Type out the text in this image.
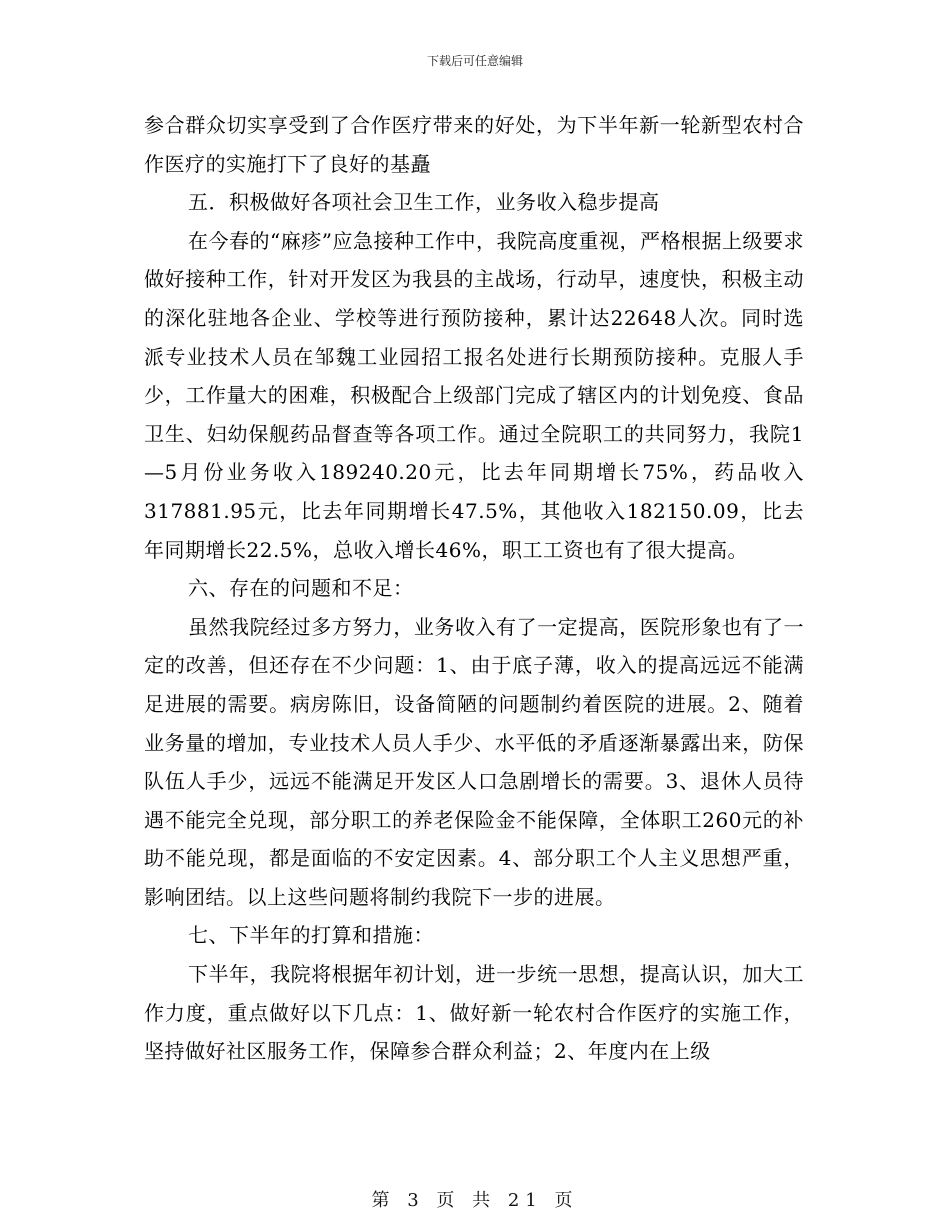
下载后可任意编辑

参合群众切实享受到了合作医疗带来的好处，为下半年新一轮新型农村合作医疗的实施打下了良好的基矗

五．积极做好各项社会卫生工作，业务收入稳步提高

在今春的“麻疹”应急接种工作中，我院高度重视，严格根据上级要求做好接种工作，针对开发区为我县的主战场，行动早，速度快，积极主动的深化驻地各企业、学校等进行预防接种，累计达22648人次。同时选派专业技术人员在邹魏工业园招工报名处进行长期预防接种。克服人手少，工作量大的困难，积极配合上级部门完成了辖区内的计划免疫、食品卫生、妇幼保舰药品督查等各项工作。通过全院职工的共同努力，我院1—5月份业务收入189240.20元，比去年同期增长75%，药品收入317881.95元，比去年同期增长47.5%，其他收入182150.09，比去年同期增长22.5%，总收入增长46%，职工工资也有了很大提高。

六、存在的问题和不足：

虽然我院经过多方努力，业务收入有了一定提高，医院形象也有了一定的改善，但还存在不少问题：1、由于底子薄，收入的提高远远不能满足进展的需要。病房陈旧，设备简陋的问题制约着医院的进展。2、随着业务量的增加，专业技术人员人手少、水平低的矛盾逐渐暴露出来，防保队伍人手少，远远不能满足开发区人口急剧增长的需要。3、退休人员待遇不能完全兑现，部分职工的养老保险金不能保障，全体职工260元的补助不能兑现，都是面临的不安定因素。4、部分职工个人主义思想严重，影响团结。以上这些问题将制约我院下一步的进展。

七、下半年的打算和措施：

下半年，我院将根据年初计划，进一步统一思想，提高认识，加大工作力度，重点做好以下几点：1、做好新一轮农村合作医疗的实施工作，坚持做好社区服务工作，保障参合群众利益；2、年度内在上级

第 3 页 共 21 页
